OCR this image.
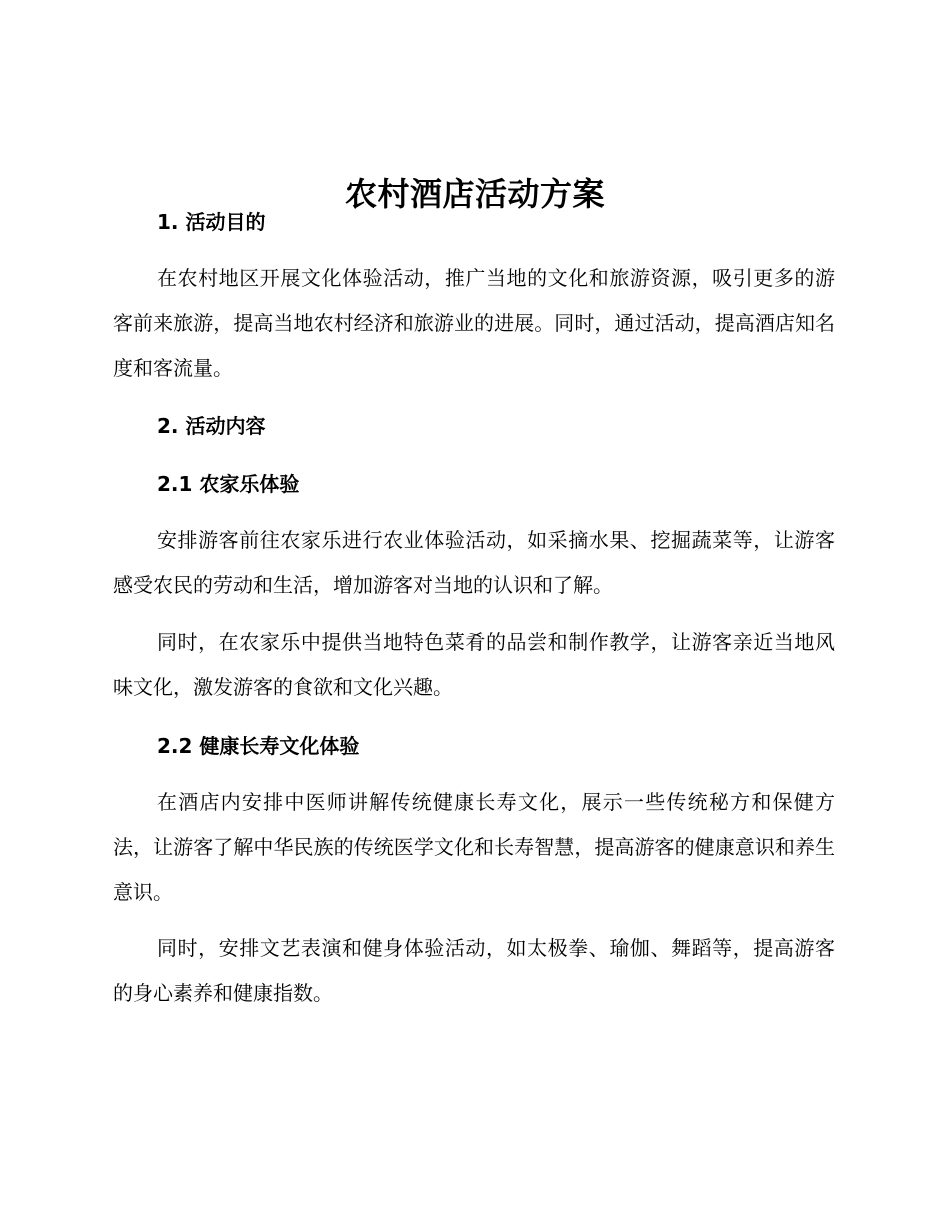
农村酒店活动方案
1. 活动目的

在农村地区开展文化体验活动，推广当地的文化和旅游资源，吸引更多的游客前来旅游，提高当地农村经济和旅游业的进展。同时，通过活动，提高酒店知名度和客流量。

2. 活动内容
2.1 农家乐体验

安排游客前往农家乐进行农业体验活动，如采摘水果、挖掘蔬菜等，让游客感受农民的劳动和生活，增加游客对当地的认识和了解。

同时，在农家乐中提供当地特色菜肴的品尝和制作教学，让游客亲近当地风味文化，激发游客的食欲和文化兴趣。

2.2 健康长寿文化体验

在酒店内安排中医师讲解传统健康长寿文化，展示一些传统秘方和保健方法，让游客了解中华民族的传统医学文化和长寿智慧，提高游客的健康意识和养生意识。

同时，安排文艺表演和健身体验活动，如太极拳、瑜伽、舞蹈等，提高游客的身心素养和健康指数。
